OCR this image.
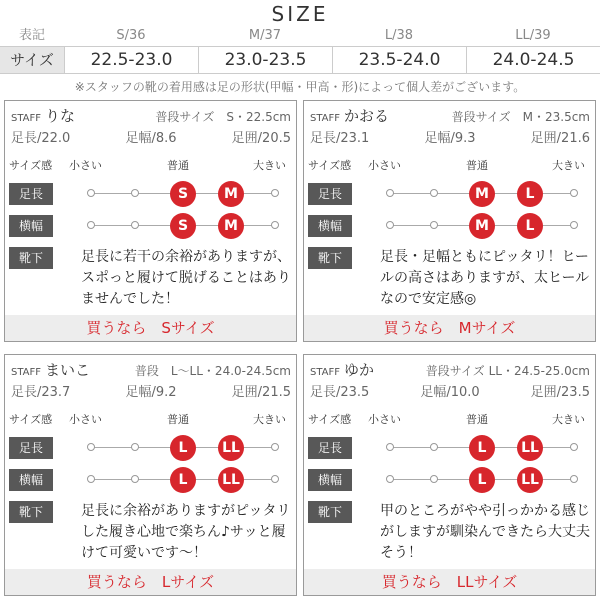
SIZE
表記	S/36	M/37	L/38	LL/39
サイズ	22.5-23.0	23.0-23.5	23.5-24.0	24.0-24.5
※スタッフの靴の着用感は足の形状(甲幅・甲高・形)によって個人差がございます。
STAFF りな	普段サイズ　S・22.5cm
足長/22.0	足幅/8.6	足囲/20.5
サイズ感 小さい	普通	大きい
足長	S	M
横幅	S	M
靴下	足長に若干の余裕がありますが、スポっと履けて脱げることはありませんでした！
買うなら　Sサイズ
STAFF かおる	普段サイズ　M・23.5cm
足長/23.1	足幅/9.3	足囲/21.6
サイズ感 小さい	普通	大きい
足長	M	L
横幅	M	L
靴下	足長・足幅ともにピッタリ！ヒールの高さはありますが、太ヒールなので安定感◎
買うなら　Mサイズ
STAFF まいこ	普段　L～LL・24.0-24.5cm
足長/23.7	足幅/9.2	足囲/21.5
サイズ感 小さい	普通	大きい
足長	L	LL
横幅	L	LL
靴下	足長に余裕がありますがピッタリした履き心地で楽ちん♪サッと履けて可愛いです〜！
買うなら　Lサイズ
STAFF ゆか	普段サイズ LL・24.5-25.0cm
足長/23.5	足幅/10.0	足囲/23.5
サイズ感 小さい	普通	大きい
足長	L	LL
横幅	L	LL
靴下	甲のところがやや引っかかる感じがしますが馴染んできたら大丈夫そう！
買うなら　LLサイズ
